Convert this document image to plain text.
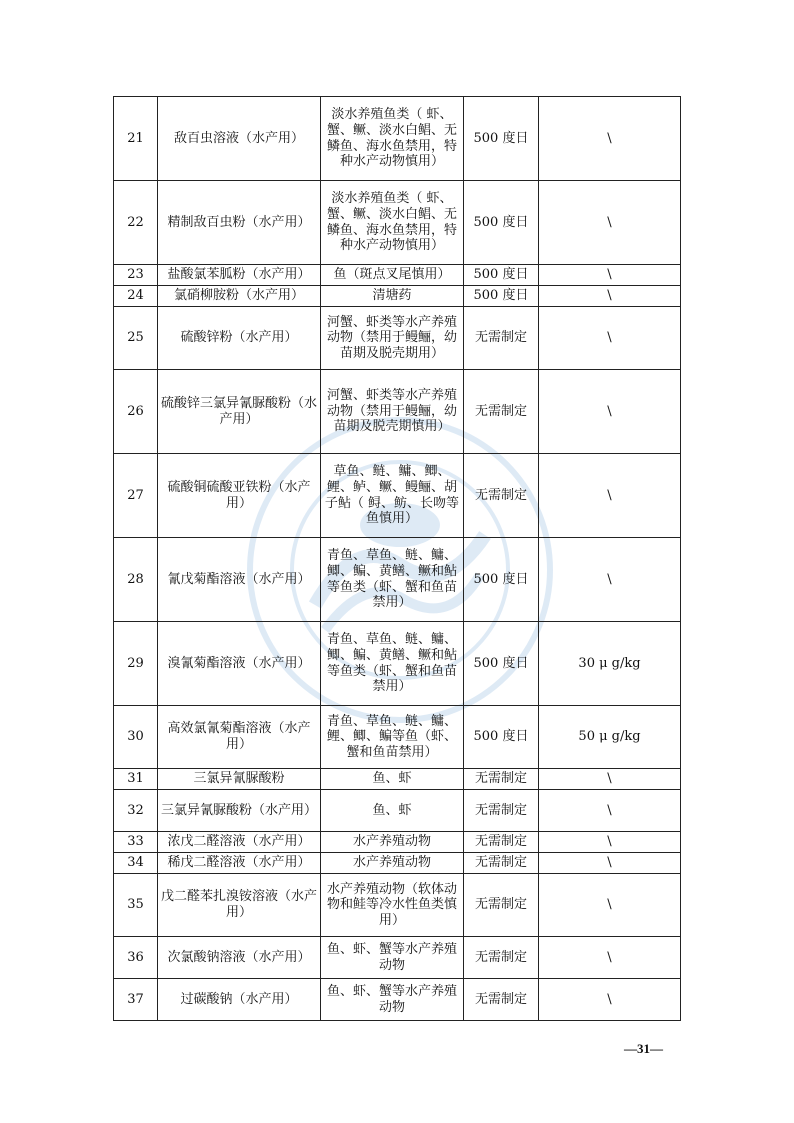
21	敌百虫溶液（水产用）	淡水养殖鱼类（ 虾、蟹、鳜、淡水白鲳、无鳞鱼、海水鱼禁用，特种水产动物慎用）	500 度日	\
22	精制敌百虫粉（水产用）	淡水养殖鱼类（ 虾、蟹、鳜、淡水白鲳、无鳞鱼、海水鱼禁用，特种水产动物慎用）	500 度日	\
23	盐酸氯苯胍粉（水产用）	鱼（斑点叉尾慎用）	500 度日	\
24	氯硝柳胺粉（水产用）	清塘药	500 度日	\
25	硫酸锌粉（水产用）	河蟹、虾类等水产养殖动物（禁用于鳗鲡，幼苗期及脱壳期用）	无需制定	\
26	硫酸锌三氯异氰脲酸粉（水产用）	河蟹、虾类等水产养殖动物（禁用于鳗鲡，幼苗期及脱壳期慎用）	无需制定	\
27	硫酸铜硫酸亚铁粉（水产用）	草鱼、鲢、鳙、鲫、鲤、鲈、鳜、鳗鲡、胡子鲇（ 鲟、鲂、长吻等鱼慎用）	无需制定	\
28	氰戊菊酯溶液（水产用）	青鱼、草鱼、鲢、鳙、鲫、鳊、黄鳝、鳜和鲇等鱼类（虾、蟹和鱼苗禁用）	500 度日	\
29	溴氰菊酯溶液（水产用）	青鱼、草鱼、鲢、鳙、鲫、鳊、黄鳝、鳜和鲇等鱼类（虾、蟹和鱼苗禁用）	500 度日	30 μ g/kg
30	高效氯氰菊酯溶液（水产用）	青鱼、草鱼、鲢、鳙、鲤、鲫、鳊等鱼（虾、蟹和鱼苗禁用）	500 度日	50 μ g/kg
31	三氯异氰脲酸粉	鱼、虾	无需制定	\
32	三氯异氰脲酸粉（水产用）	鱼、虾	无需制定	\
33	浓戊二醛溶液（水产用）	水产养殖动物	无需制定	\
34	稀戊二醛溶液（水产用）	水产养殖动物	无需制定	\
35	戊二醛苯扎溴铵溶液（水产用）	水产养殖动物（软体动物和鲑等冷水性鱼类慎用）	无需制定	\
36	次氯酸钠溶液（水产用）	鱼、虾、蟹等水产养殖动物	无需制定	\
37	过碳酸钠（水产用）	鱼、虾、蟹等水产养殖动物	无需制定	\
—31—
